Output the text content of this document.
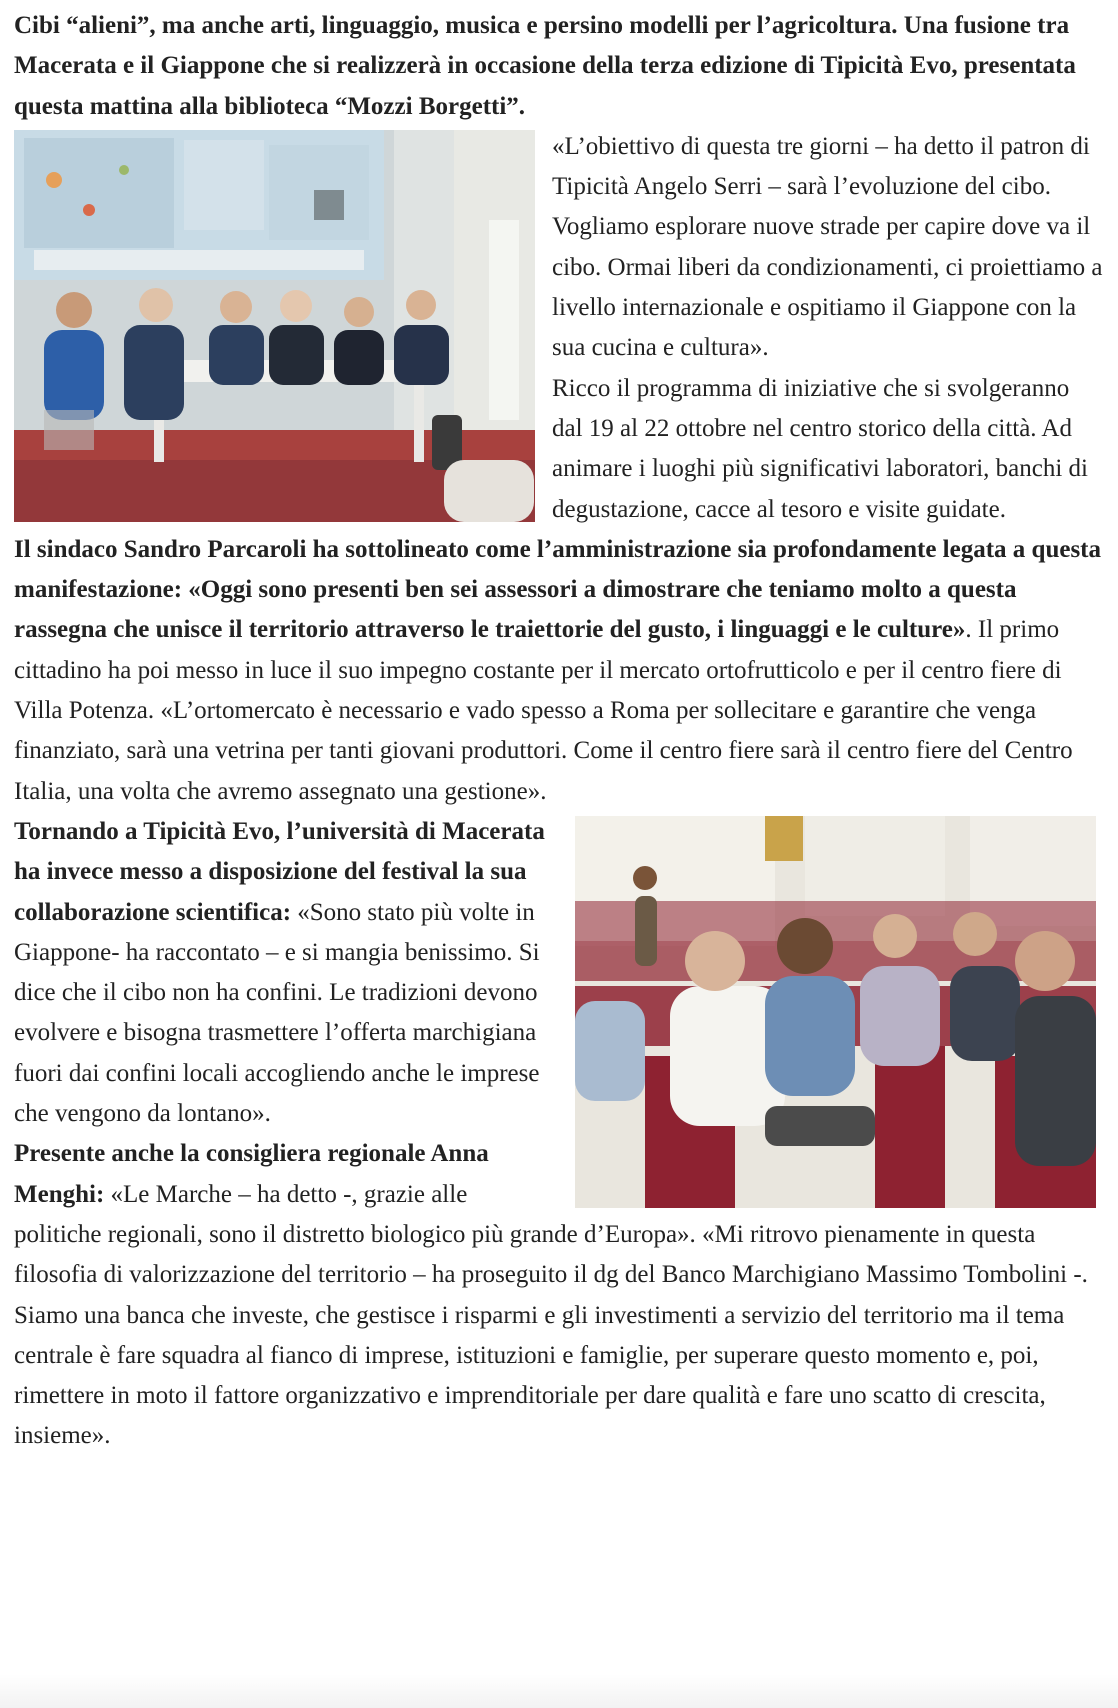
Cibi “alieni”, ma anche arti, linguaggio, musica e persino modelli per l’agricoltura. Una fusione tra Macerata e il Giappone che si realizzerà in occasione della terza edizione di Tipicità Evo, presentata questa mattina alla biblioteca “Mozzi Borgetti”.

«L’obiettivo di questa tre giorni – ha detto il patron di Tipicità Angelo Serri – sarà l’evoluzione del cibo. Vogliamo esplorare nuove strade per capire dove va il cibo. Ormai liberi da condizionamenti, ci proiettiamo a livello internazionale e ospitiamo il Giappone con la sua cucina e cultura».

Ricco il programma di iniziative che si svolgeranno dal 19 al 22 ottobre nel centro storico della città. Ad animare i luoghi più significativi laboratori, banchi di degustazione, cacce al tesoro e visite guidate.

Il sindaco Sandro Parcaroli ha sottolineato come l’amministrazione sia profondamente legata a questa manifestazione: «Oggi sono presenti ben sei assessori a dimostrare che teniamo molto a questa rassegna che unisce il territorio attraverso le traiettorie del gusto, i linguaggi e le culture». Il primo cittadino ha poi messo in luce il suo impegno costante per il mercato ortofrutticolo e per il centro fiere di Villa Potenza. «L’ortomercato è necessario e vado spesso a Roma per sollecitare e garantire che venga finanziato, sarà una vetrina per tanti giovani produttori. Come il centro fiere sarà il centro fiere del Centro Italia, una volta che avremo assegnato una gestione».

Tornando a Tipicità Evo, l’università di Macerata ha invece messo a disposizione del festival la sua collaborazione scientifica: «Sono stato più volte in Giappone- ha raccontato – e si mangia benissimo. Si dice che il cibo non ha confini. Le tradizioni devono evolvere e bisogna trasmettere l’offerta marchigiana fuori dai confini locali accogliendo anche le imprese che vengono da lontano».

Presente anche la consigliera regionale Anna Menghi: «Le Marche – ha detto -, grazie alle politiche regionali, sono il distretto biologico più grande d’Europa». «Mi ritrovo pienamente in questa filosofia di valorizzazione del territorio – ha proseguito il dg del Banco Marchigiano Massimo Tombolini -. Siamo una banca che investe, che gestisce i risparmi e gli investimenti a servizio del territorio ma il tema centrale è fare squadra al fianco di imprese, istituzioni e famiglie, per superare questo momento e, poi, rimettere in moto il fattore organizzativo e imprenditoriale per dare qualità e fare uno scatto di crescita, insieme».
